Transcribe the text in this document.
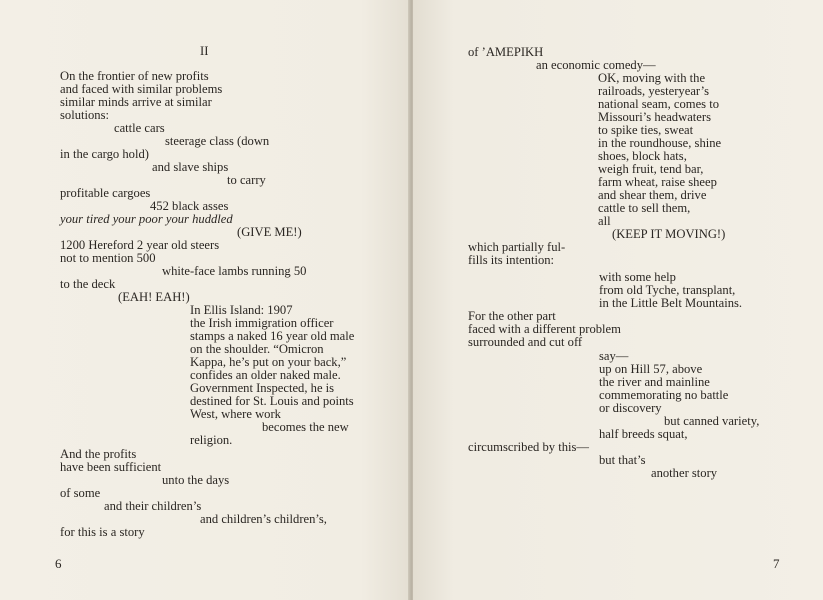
II
On the frontier of new profits
and faced with similar problems
similar minds arrive at similar
solutions:
cattle cars
steerage class (down
in the cargo hold)
and slave ships
to carry
profitable cargoes
452 black asses
your tired your poor your huddled
(GIVE ME!)
1200 Hereford 2 year old steers
not to mention 500
white-face lambs running 50
to the deck
(EAH! EAH!)
In Ellis Island: 1907
the Irish immigration officer
stamps a naked 16 year old male
on the shoulder. “Omicron
Kappa, he’s put on your back,”
confides an older naked male.
Government Inspected, he is
destined for St. Louis and points
West, where work
becomes the new
religion.
And the profits
have been sufficient
unto the days
of some
and their children’s
and children’s children’s,
for this is a story
6
of ’AMEPIKH
an economic comedy—
OK, moving with the
railroads, yesteryear’s
national seam, comes to
Missouri’s headwaters
to spike ties, sweat
in the roundhouse, shine
shoes, block hats,
weigh fruit, tend bar,
farm wheat, raise sheep
and shear them, drive
cattle to sell them,
all
(KEEP IT MOVING!)
which partially ful-
fills its intention:
with some help
from old Tyche, transplant,
in the Little Belt Mountains.
For the other part
faced with a different problem
surrounded and cut off
say—
up on Hill 57, above
the river and mainline
commemorating no battle
or discovery
but canned variety,
half breeds squat,
circumscribed by this—
but that’s
another story
7
